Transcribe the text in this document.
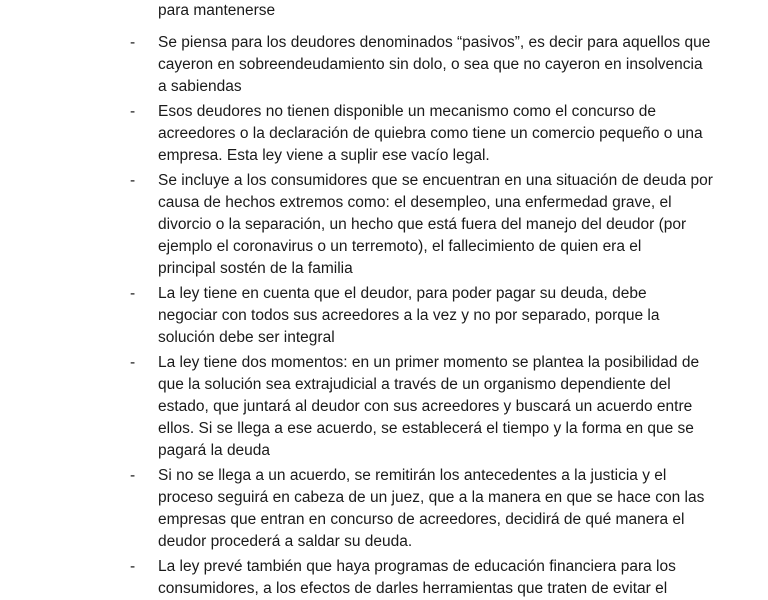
para mantenerse
- Se piensa para los deudores denominados “pasivos”, es decir para aquellos que
cayeron en sobreendeudamiento sin dolo, o sea que no cayeron en insolvencia
a sabiendas
- Esos deudores no tienen disponible un mecanismo como el concurso de
acreedores o la declaración de quiebra como tiene un comercio pequeño o una
empresa. Esta ley viene a suplir ese vacío legal.
- Se incluye a los consumidores que se encuentran en una situación de deuda por
causa de hechos extremos como: el desempleo, una enfermedad grave, el
divorcio o la separación, un hecho que está fuera del manejo del deudor (por
ejemplo el coronavirus o un terremoto), el fallecimiento de quien era el
principal sostén de la familia
- La ley tiene en cuenta que el deudor, para poder pagar su deuda, debe
negociar con todos sus acreedores a la vez y no por separado, porque la
solución debe ser integral
- La ley tiene dos momentos: en un primer momento se plantea la posibilidad de
que la solución sea extrajudicial a través de un organismo dependiente del
estado, que juntará al deudor con sus acreedores y buscará un acuerdo entre
ellos. Si se llega a ese acuerdo, se establecerá el tiempo y la forma en que se
pagará la deuda
- Si no se llega a un acuerdo, se remitirán los antecedentes a la justicia y el
proceso seguirá en cabeza de un juez, que a la manera en que se hace con las
empresas que entran en concurso de acreedores, decidirá de qué manera el
deudor procederá a saldar su deuda.
- La ley prevé también que haya programas de educación financiera para los
consumidores, a los efectos de darles herramientas que traten de evitar el
